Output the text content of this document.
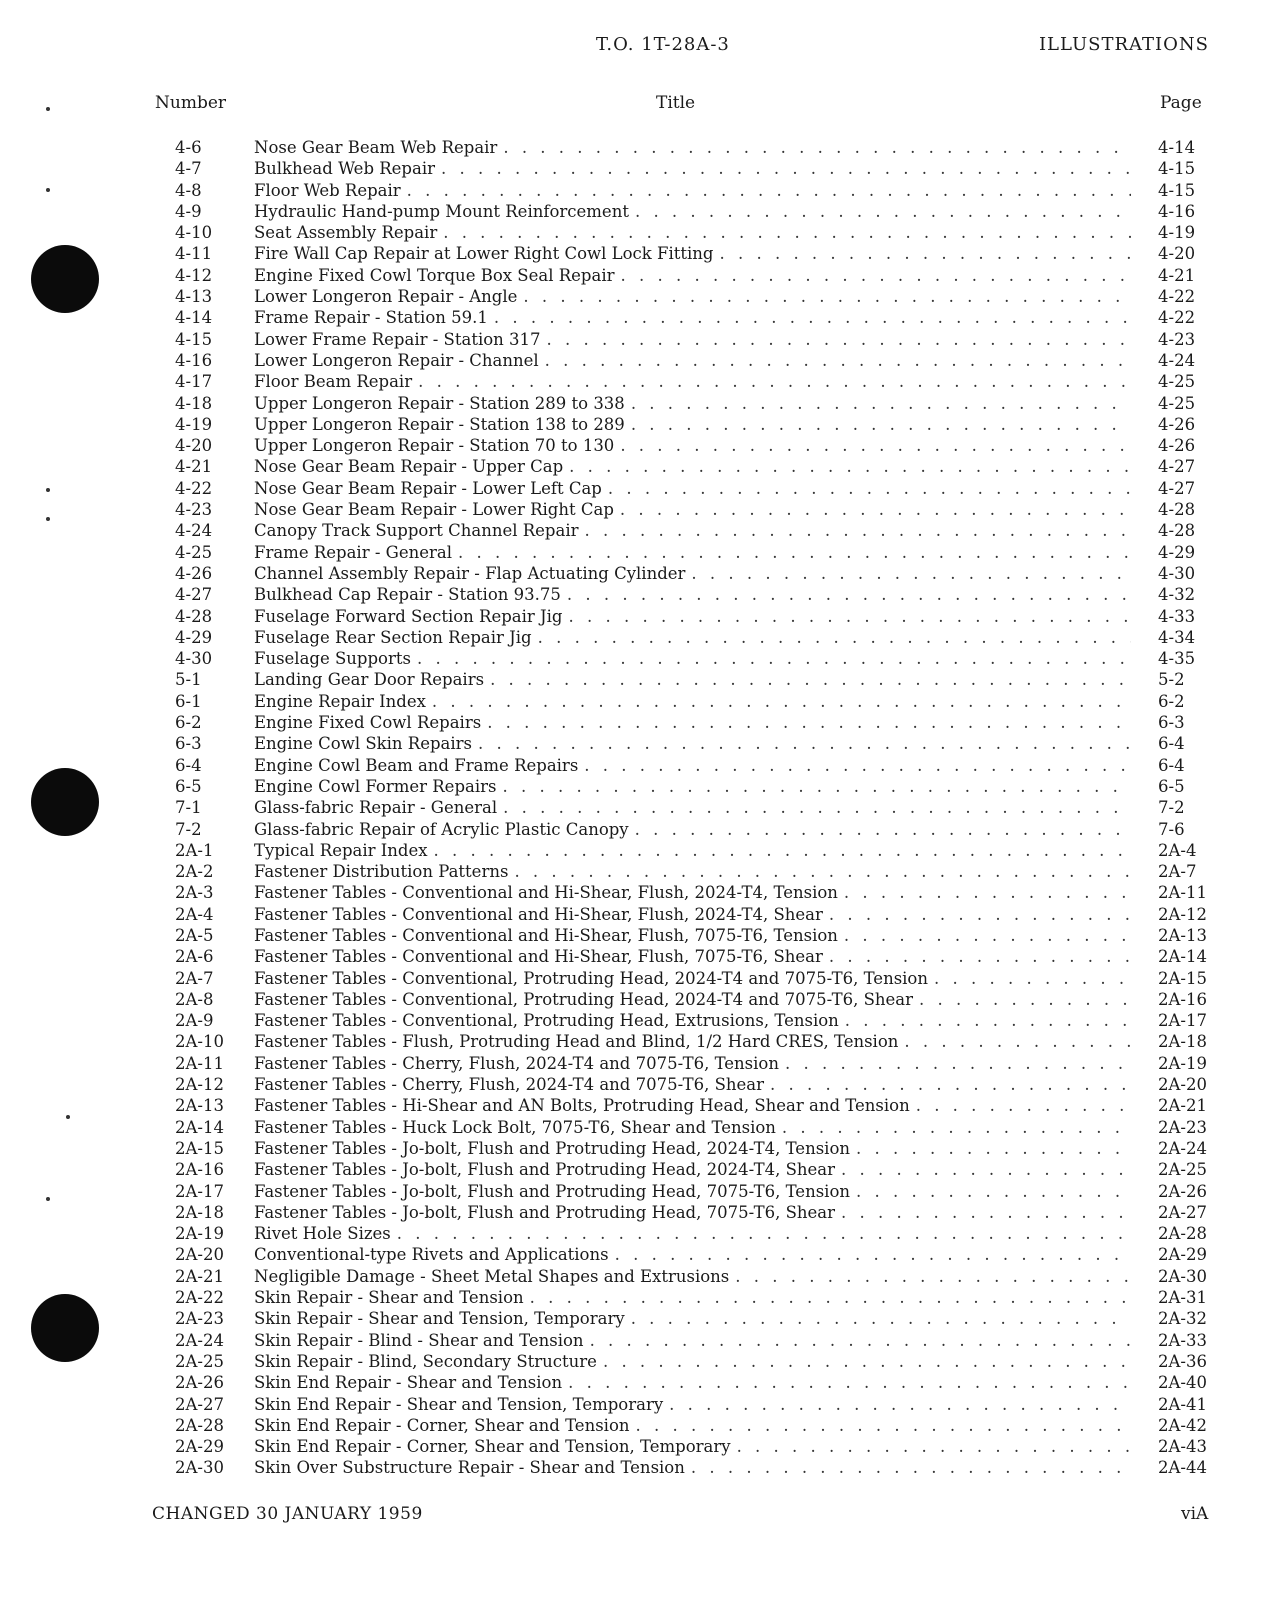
T.O. 1T-28A-3	ILLUSTRATIONS
Number	Title	Page
4-6	Nose Gear Beam Web Repair . . .	4-14
4-7	Bulkhead Web Repair . . .	4-15
4-8	Floor Web Repair . . .	4-15
4-9	Hydraulic Hand-pump Mount Reinforcement . . .	4-16
4-10	Seat Assembly Repair . . .	4-19
4-11	Fire Wall Cap Repair at Lower Right Cowl Lock Fitting . . .	4-20
4-12	Engine Fixed Cowl Torque Box Seal Repair . . .	4-21
4-13	Lower Longeron Repair - Angle . . .	4-22
4-14	Frame Repair - Station 59.1 . . .	4-22
4-15	Lower Frame Repair - Station 317 . . .	4-23
4-16	Lower Longeron Repair - Channel . . .	4-24
4-17	Floor Beam Repair . . .	4-25
4-18	Upper Longeron Repair - Station 289 to 338 . . .	4-25
4-19	Upper Longeron Repair - Station 138 to 289 . . .	4-26
4-20	Upper Longeron Repair - Station 70 to 130 . . .	4-26
4-21	Nose Gear Beam Repair - Upper Cap . . .	4-27
4-22	Nose Gear Beam Repair - Lower Left Cap . . .	4-27
4-23	Nose Gear Beam Repair - Lower Right Cap . . .	4-28
4-24	Canopy Track Support Channel Repair . . .	4-28
4-25	Frame Repair - General . . .	4-29
4-26	Channel Assembly Repair - Flap Actuating Cylinder . . .	4-30
4-27	Bulkhead Cap Repair - Station 93.75 . . .	4-32
4-28	Fuselage Forward Section Repair Jig . . .	4-33
4-29	Fuselage Rear Section Repair Jig . . .	4-34
4-30	Fuselage Supports . . .	4-35
5-1	Landing Gear Door Repairs . . .	5-2
6-1	Engine Repair Index . . .	6-2
6-2	Engine Fixed Cowl Repairs . . .	6-3
6-3	Engine Cowl Skin Repairs . . .	6-4
6-4	Engine Cowl Beam and Frame Repairs . . .	6-4
6-5	Engine Cowl Former Repairs . . .	6-5
7-1	Glass-fabric Repair - General . . .	7-2
7-2	Glass-fabric Repair of Acrylic Plastic Canopy . . .	7-6
2A-1 Typical Repair Index . . .	2A-4
2A-2 Fastener Distribution Patterns . . .	2A-7
2A-3 Fastener Tables - Conventional and Hi-Shear, Flush, 2024-T4, Tension . . .	2A-11
2A-4 Fastener Tables - Conventional and Hi-Shear, Flush, 2024-T4, Shear . . .	2A-12
2A-5 Fastener Tables - Conventional and Hi-Shear, Flush, 7075-T6, Tension . . .	2A-13
2A-6 Fastener Tables - Conventional and Hi-Shear, Flush, 7075-T6, Shear . . .	2A-14
2A-7 Fastener Tables - Conventional, Protruding Head, 2024-T4 and 7075-T6, Tension . . .	2A-15
2A-8 Fastener Tables - Conventional, Protruding Head, 2024-T4 and 7075-T6, Shear . . .	2A-16
2A-9 Fastener Tables - Conventional, Protruding Head, Extrusions, Tension . . .	2A-17
2A-10 Fastener Tables - Flush, Protruding Head and Blind, 1/2 Hard CRES, Tension . . .	2A-18
2A-11 Fastener Tables - Cherry, Flush, 2024-T4 and 7075-T6, Tension . . .	2A-19
2A-12 Fastener Tables - Cherry, Flush, 2024-T4 and 7075-T6, Shear . . .	2A-20
2A-13 Fastener Tables - Hi-Shear and AN Bolts, Protruding Head, Shear and Tension . . .	2A-21
2A-14 Fastener Tables - Huck Lock Bolt, 7075-T6, Shear and Tension . . .	2A-23
2A-15 Fastener Tables - Jo-bolt, Flush and Protruding Head, 2024-T4, Tension . . .	2A-24
2A-16 Fastener Tables - Jo-bolt, Flush and Protruding Head, 2024-T4, Shear . . .	2A-25
2A-17 Fastener Tables - Jo-bolt, Flush and Protruding Head, 7075-T6, Tension . . .	2A-26
2A-18 Fastener Tables - Jo-bolt, Flush and Protruding Head, 7075-T6, Shear . . .	2A-27
2A-19 Rivet Hole Sizes . . .	2A-28
2A-20 Conventional-type Rivets and Applications . . .	2A-29
2A-21 Negligible Damage - Sheet Metal Shapes and Extrusions . . .	2A-30
2A-22 Skin Repair - Shear and Tension . . .	2A-31
2A-23 Skin Repair - Shear and Tension, Temporary . . .	2A-32
2A-24 Skin Repair - Blind - Shear and Tension . . .	2A-33
2A-25 Skin Repair - Blind, Secondary Structure . . .	2A-36
2A-26 Skin End Repair - Shear and Tension . . .	2A-40
2A-27 Skin End Repair - Shear and Tension, Temporary . . .	2A-41
2A-28 Skin End Repair - Corner, Shear and Tension . . .	2A-42
2A-29 Skin End Repair - Corner, Shear and Tension, Temporary . . .	2A-43
2A-30 Skin Over Substructure Repair - Shear and Tension . . .	2A-44
CHANGED 30 JANUARY 1959	viA
